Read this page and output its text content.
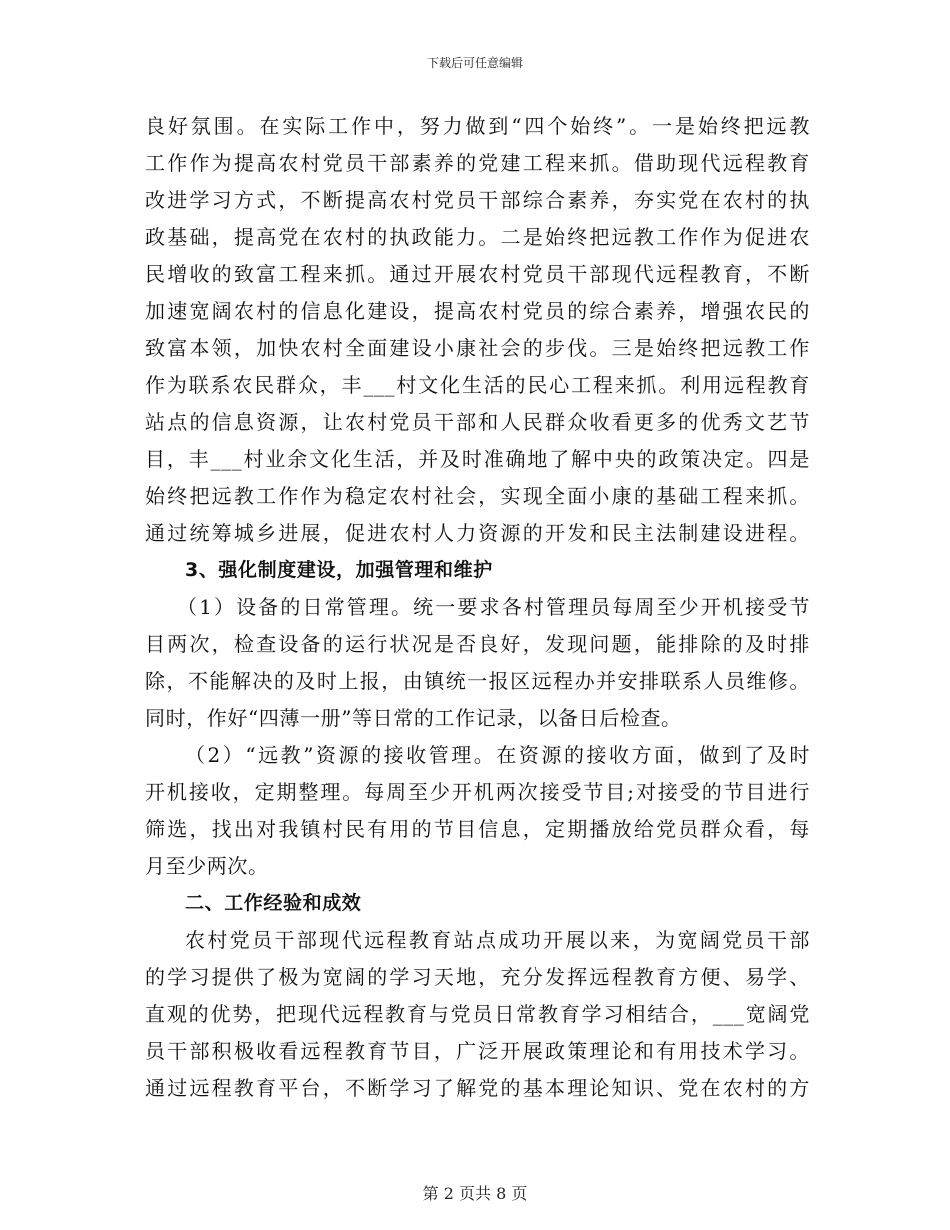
下载后可任意编辑
良好氛围。在实际工作中，努力做到“四个始终”。一是始终把远教
工作作为提高农村党员干部素养的党建工程来抓。借助现代远程教育
改进学习方式，不断提高农村党员干部综合素养，夯实党在农村的执
政基础，提高党在农村的执政能力。二是始终把远教工作作为促进农
民增收的致富工程来抓。通过开展农村党员干部现代远程教育，不断
加速宽阔农村的信息化建设，提高农村党员的综合素养，增强农民的
致富本领，加快农村全面建设小康社会的步伐。三是始终把远教工作
作为联系农民群众，丰___村文化生活的民心工程来抓。利用远程教育
站点的信息资源，让农村党员干部和人民群众收看更多的优秀文艺节
目，丰___村业余文化生活，并及时准确地了解中央的政策决定。四是
始终把远教工作作为稳定农村社会，实现全面小康的基础工程来抓。
通过统筹城乡进展，促进农村人力资源的开发和民主法制建设进程。
3、强化制度建设，加强管理和维护
（1）设备的日常管理。统一要求各村管理员每周至少开机接受节
目两次，检查设备的运行状况是否良好，发现问题，能排除的及时排
除，不能解决的及时上报，由镇统一报区远程办并安排联系人员维修。
同时，作好“四薄一册”等日常的工作记录，以备日后检查。
（2）“远教”资源的接收管理。在资源的接收方面，做到了及时
开机接收，定期整理。每周至少开机两次接受节目;对接受的节目进行
筛选，找出对我镇村民有用的节目信息，定期播放给党员群众看，每
月至少两次。
二、工作经验和成效
农村党员干部现代远程教育站点成功开展以来，为宽阔党员干部
的学习提供了极为宽阔的学习天地，充分发挥远程教育方便、易学、
直观的优势，把现代远程教育与党员日常教育学习相结合，___宽阔党
员干部积极收看远程教育节目，广泛开展政策理论和有用技术学习。
通过远程教育平台，不断学习了解党的基本理论知识、党在农村的方
第 2 页共 8 页
